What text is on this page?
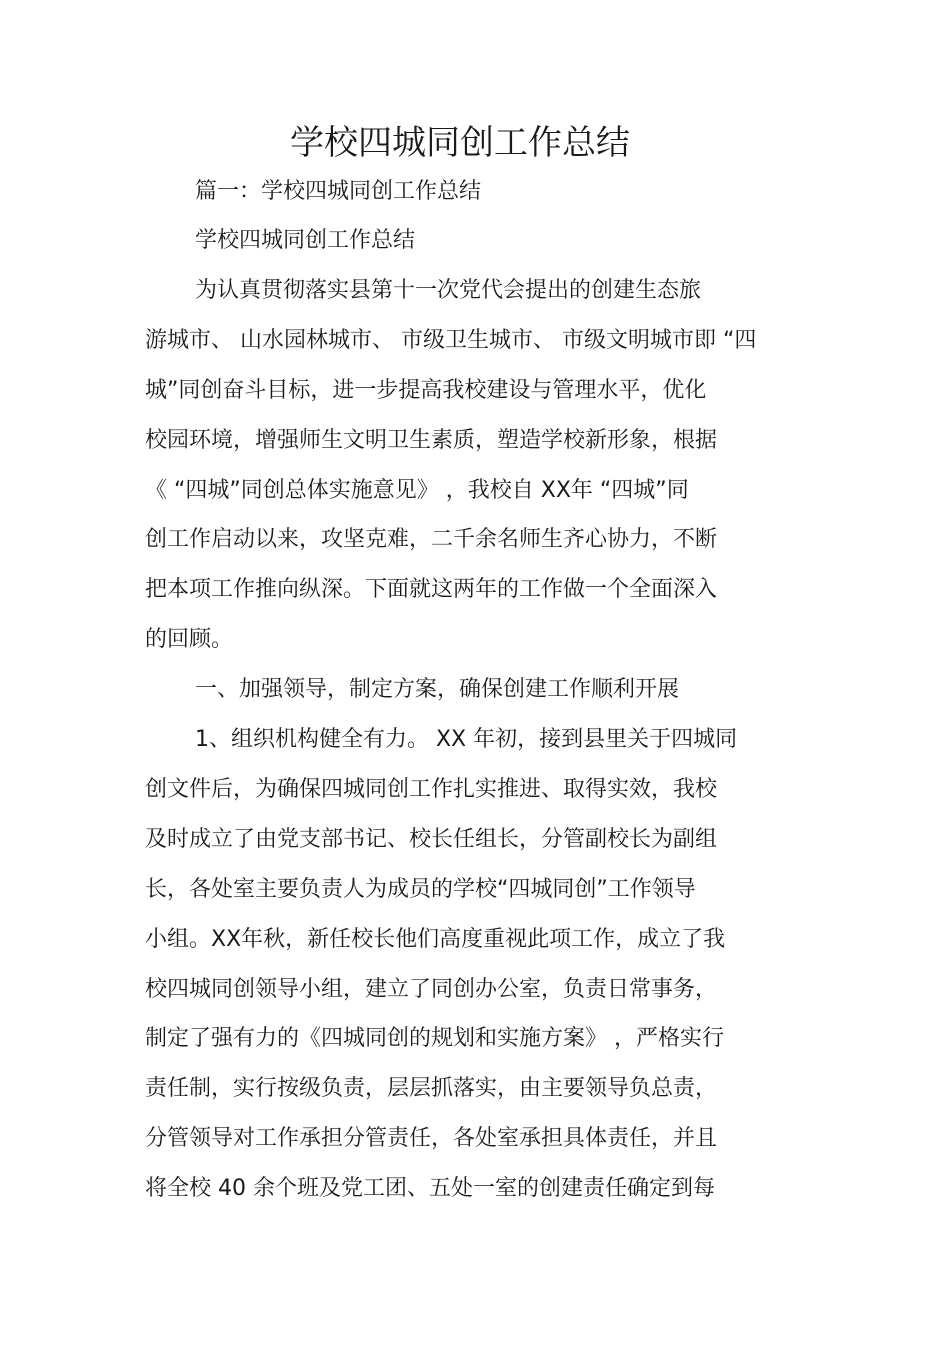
学校四城同创工作总结
篇一：学校四城同创工作总结
学校四城同创工作总结
为认真贯彻落实县第十一次党代会提出的创建生态旅
游城市、 山水园林城市、 市级卫生城市、 市级文明城市即 “四
城”同创奋斗目标，进一步提高我校建设与管理水平，优化
校园环境，增强师生文明卫生素质，塑造学校新形象，根据
《 “四城”同创总体实施意见》 ，我校自 XX年 “四城”同
创工作启动以来，攻坚克难，二千余名师生齐心协力，不断
把本项工作推向纵深。下面就这两年的工作做一个全面深入
的回顾。
一、加强领导，制定方案，确保创建工作顺利开展
1、组织机构健全有力。 XX 年初，接到县里关于四城同
创文件后，为确保四城同创工作扎实推进、取得实效，我校
及时成立了由党支部书记、校长任组长，分管副校长为副组
长，各处室主要负责人为成员的学校“四城同创”工作领导
小组。XX年秋，新任校长他们高度重视此项工作，成立了我
校四城同创领导小组，建立了同创办公室，负责日常事务，
制定了强有力的《四城同创的规划和实施方案》 ，严格实行
责任制，实行按级负责，层层抓落实，由主要领导负总责，
分管领导对工作承担分管责任，各处室承担具体责任，并且
将全校 40 余个班及党工团、五处一室的创建责任确定到每
